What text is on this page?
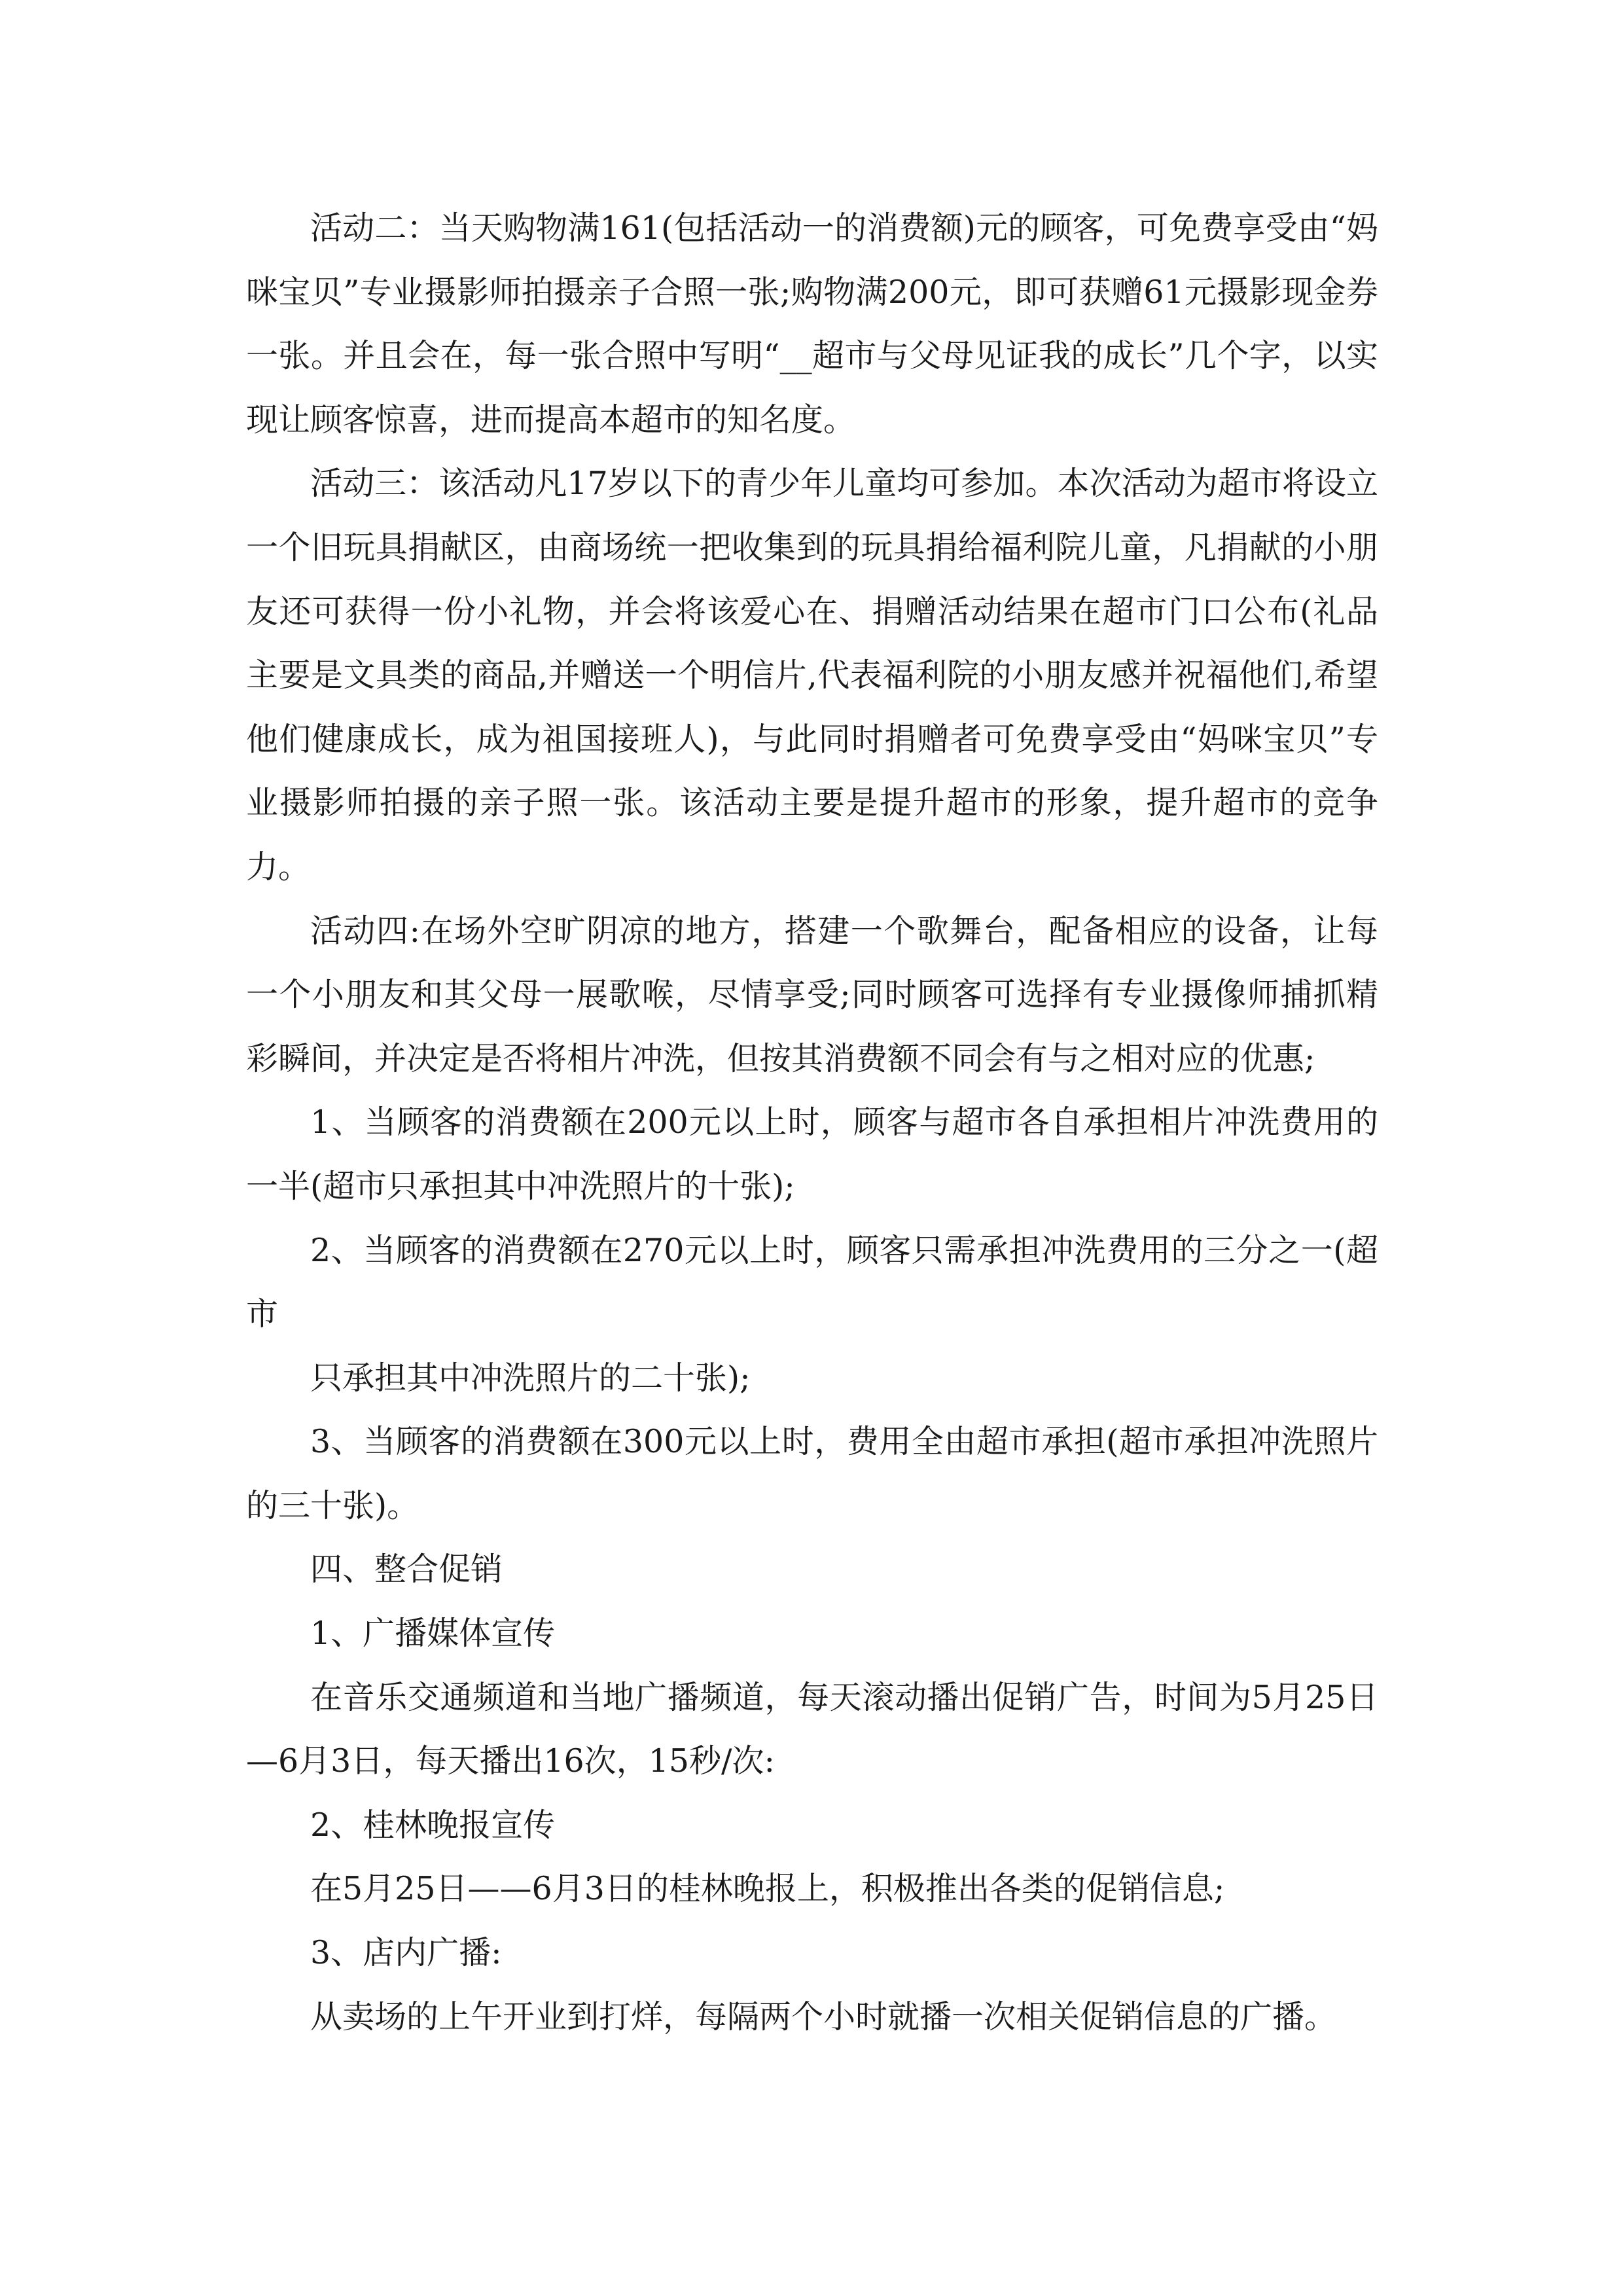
活动二：当天购物满161(包括活动一的消费额)元的顾客，可免费享受由“妈咪宝贝”专业摄影师拍摄亲子合照一张;购物满200元，即可获赠61元摄影现金券一张。并且会在，每一张合照中写明“__超市与父母见证我的成长”几个字，以实现让顾客惊喜，进而提高本超市的知名度。

活动三：该活动凡17岁以下的青少年儿童均可参加。本次活动为超市将设立一个旧玩具捐献区，由商场统一把收集到的玩具捐给福利院儿童，凡捐献的小朋友还可获得一份小礼物，并会将该爱心在、捐赠活动结果在超市门口公布(礼品主要是文具类的商品,并赠送一个明信片,代表福利院的小朋友感并祝福他们,希望他们健康成长，成为祖国接班人)，与此同时捐赠者可免费享受由“妈咪宝贝”专业摄影师拍摄的亲子照一张。该活动主要是提升超市的形象，提升超市的竞争力。

活动四:在场外空旷阴凉的地方，搭建一个歌舞台，配备相应的设备，让每一个小朋友和其父母一展歌喉，尽情享受;同时顾客可选择有专业摄像师捕抓精彩瞬间，并决定是否将相片冲洗，但按其消费额不同会有与之相对应的优惠;

1、当顾客的消费额在200元以上时，顾客与超市各自承担相片冲洗费用的一半(超市只承担其中冲洗照片的十张);

2、当顾客的消费额在270元以上时，顾客只需承担冲洗费用的三分之一(超市

只承担其中冲洗照片的二十张);

3、当顾客的消费额在300元以上时，费用全由超市承担(超市承担冲洗照片的三十张)。

四、整合促销

1、广播媒体宣传

在音乐交通频道和当地广播频道，每天滚动播出促销广告，时间为5月25日—6月3日，每天播出16次，15秒/次:

2、桂林晚报宣传

在5月25日——6月3日的桂林晚报上，积极推出各类的促销信息;

3、店内广播:

从卖场的上午开业到打烊，每隔两个小时就播一次相关促销信息的广播。
